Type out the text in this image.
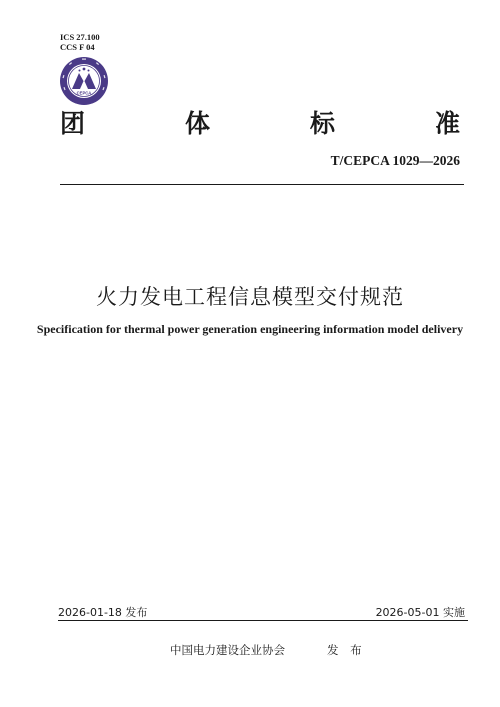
ICS 27.100
CCS F 04
CEPCA
团	体	标	准
T/CEPCA 1029—2026
火力发电工程信息模型交付规范
Specification for thermal power generation engineering information model delivery
2026-01-18 发布	2026-05-01 实施
中国电力建设企业协会	发 布
